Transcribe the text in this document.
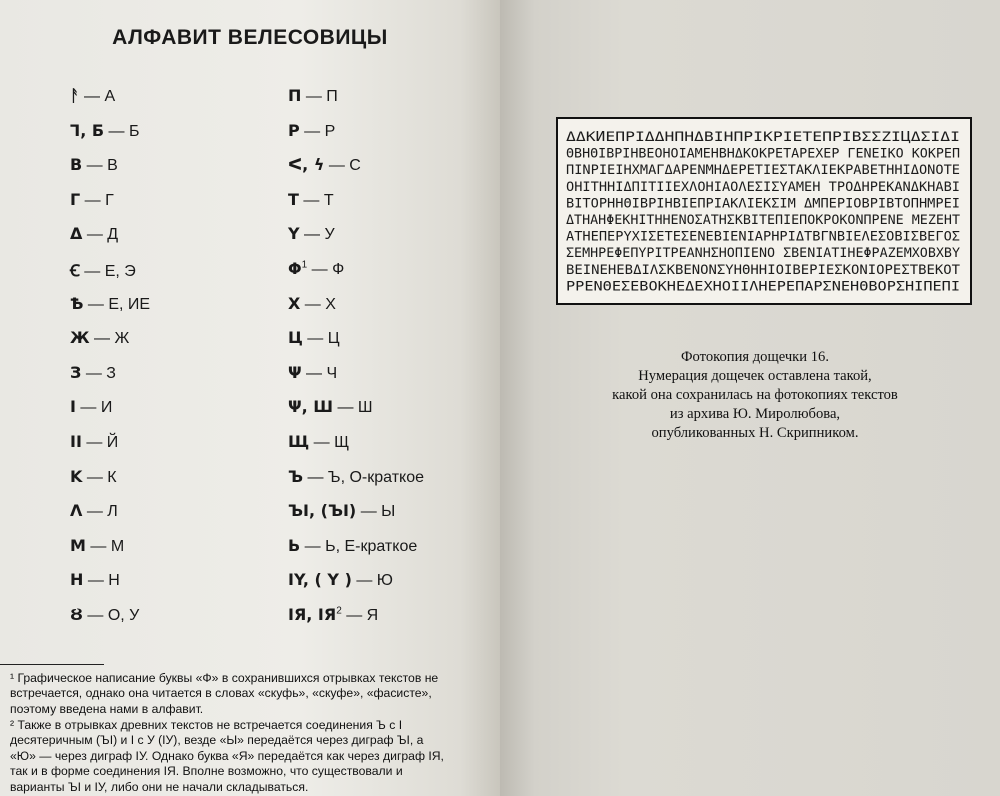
АЛФАВИТ ВЕЛЕСОВИЦЫ
ᚨ — А
Ꞁ, Ƃ — Б
Β — В
Γ — Г
Δ — Д
Ꞓ — Е, Э
Ѣ — Е, ИЕ
Ж — Ж
З — З
I — И
II — Й
K — К
Λ — Л
M — М
H — Н
Ȣ — О, У
Π — П
P — Р
ᐸ, ϟ — С
T — Т
Y — У
$\Phi^1$ — Ф
X — Х
Ц — Ц
Ψ — Ч
Ψ, Ш — Ш
Щ — Щ
Ъ — Ъ, О-краткое
ЪI, (ЪI) — Ы
Ь — Ь, Е-краткое
IY, ( Y ) — Ю
IЯ, $IЯ^2$ — Я
¹ Графическое написание буквы «Ф» в сохранившихся отрывках текстов не встречается, однако она читается в словах «скуфь», «скуфе», «фасисте», поэтому введена нами в алфавит.
² Также в отрывках древних текстов не встречается соединения Ъ с I десятеричным (ЪI) и I с У (IУ), везде «Ы» передаётся через диграф ЪI, а «Ю» — через диграф IУ. Однако буква «Я» передаётся как через диграф IЯ, так и в форме соединения IЯ. Вполне возможно, что существовали и варианты ЪI и IУ, либо они не начали складываться.
ΔΔΚИΕΠΡΙΔΔΗΠΗΔΒΙΗΠΡΙΚΡΙΕΤΕΠΡΙΒΣΣΖΙЦΔΣΙΔΙ
ΘΒΗΘΙΒΡΙΗΒΕΟΗΟΙΑΜΕΗΒΗΔΚΟΚΡΕΤΑΡΕΧΕΡ ΓΕΝΕΙΚΟ ΚΟΚΡΕΠ
ΠΙΝΡΙΕΙΗΧΜΑΓΔΑΡΕΝΜΗΔΕΡΕΤΙΕΣΤΑΚΛΙΕΚΡΑΒΕΤΗΗΙΔΟΝΟΤΕ
ΟΗΙΤΗΗΙΔΠΙΤΙΙΕΧΛΟΗΙΑΟΛΕΣΙΣΥΑΜΕΗ ΤΡΟΔΗΡΕΚΑΝΔΚΗΑΒΙ
ΒΙΤΟΡΗΗΘΙΒΡΙΗΒΙΕΠΡΙΑΚΛΙΕΚΣΙΜ ΔΜΠΕΡΙΟΒΡΙΒΤΟΠΗΜΡΕΙ
ΔΤΗΑΗΦΕΚΗΙΤΗΗΕΝΟΣΑΤΗΣΚΒΙΤΕΠΙΕΠΟΚΡΟΚΟΝΠΡΕΝΕ ΜΕΖΕΗΤ
ΑΤΗΕΠΕΡΥΧΙΣΕΤΕΣΕΝΕΒΙΕΝΙΑΡΗΡΙΔΤΒΓΝΒΙΕΛΕΣΟΒΙΣΒΕΓΟΣ
ΣΕΜΗΡΕΦΕΠΥΡΙΤΡΕΑΝΗΣΗΟΠΙΕΝΟ ΣΒΕΝΙΑΤΙΗΕΦΡΑΖΕΜΧΟΒΧΒΥ
ΒΕΙΝΕΗΕΒΔΙΛΣΚΒΕΝΟΝΣΥΗΘΗΗΙΟΙΒΕΡΙΕΣΚΟΝΙΟΡΕΣΤΒΕΚΟΤ
ΡΡΕΝΘΕΣΕΒΟΚΗΕΔΕΧΗΟΙΙΛΗΕΡΕΠΑΡΣΝΕΗΘΒΟΡΣΗΙΠΕΠΙ
Фотокопия дощечки 16.
Нумерация дощечек оставлена такой,
какой она сохранилась на фотокопиях текстов
из архива Ю. Миролюбова,
опубликованных Н. Скрипником.
